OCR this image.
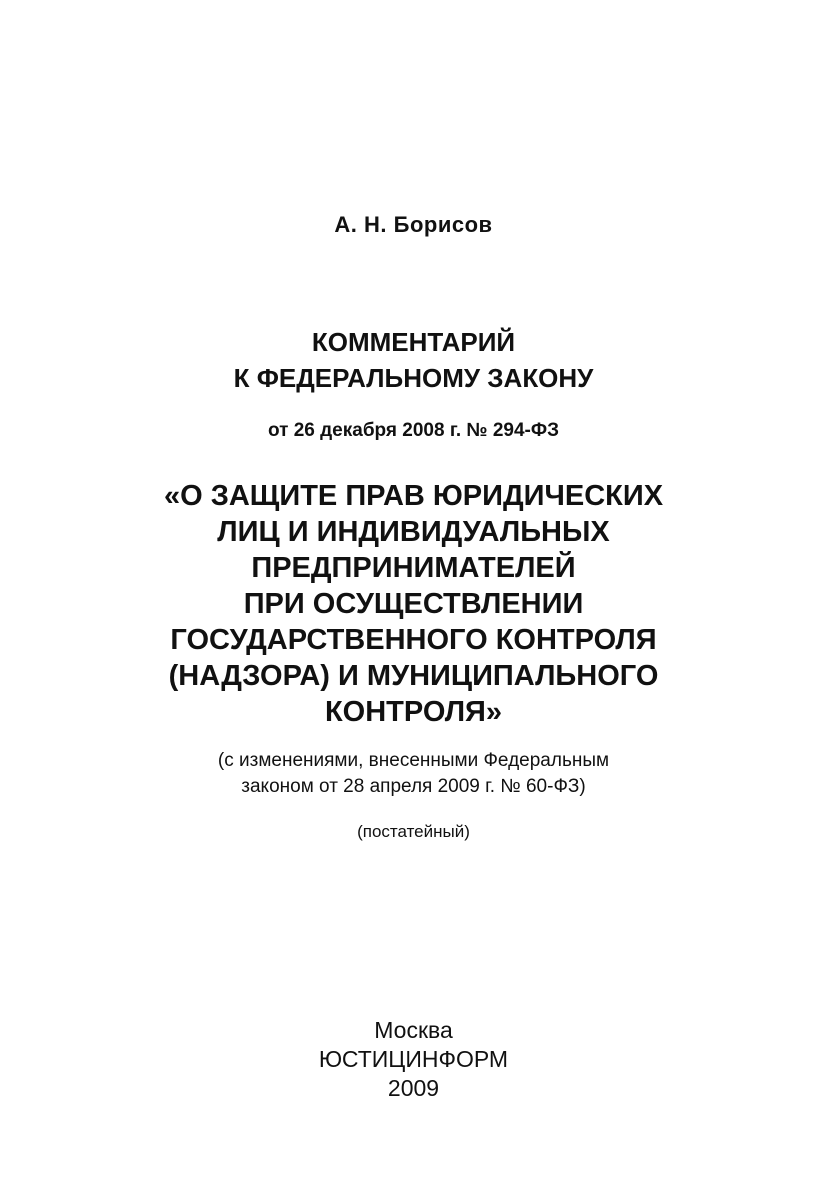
А. Н. Борисов
КОММЕНТАРИЙ
К ФЕДЕРАЛЬНОМУ ЗАКОНУ
от 26 декабря 2008 г. № 294-ФЗ
«О ЗАЩИТЕ ПРАВ ЮРИДИЧЕСКИХ
ЛИЦ И ИНДИВИДУАЛЬНЫХ
ПРЕДПРИНИМАТЕЛЕЙ
ПРИ ОСУЩЕСТВЛЕНИИ
ГОСУДАРСТВЕННОГО КОНТРОЛЯ
(НАДЗОРА) И МУНИЦИПАЛЬНОГО
КОНТРОЛЯ»
(с изменениями, внесенными Федеральным
законом от 28 апреля 2009 г. № 60-ФЗ)
(постатейный)
Москва
ЮСТИЦИНФОРМ
2009
